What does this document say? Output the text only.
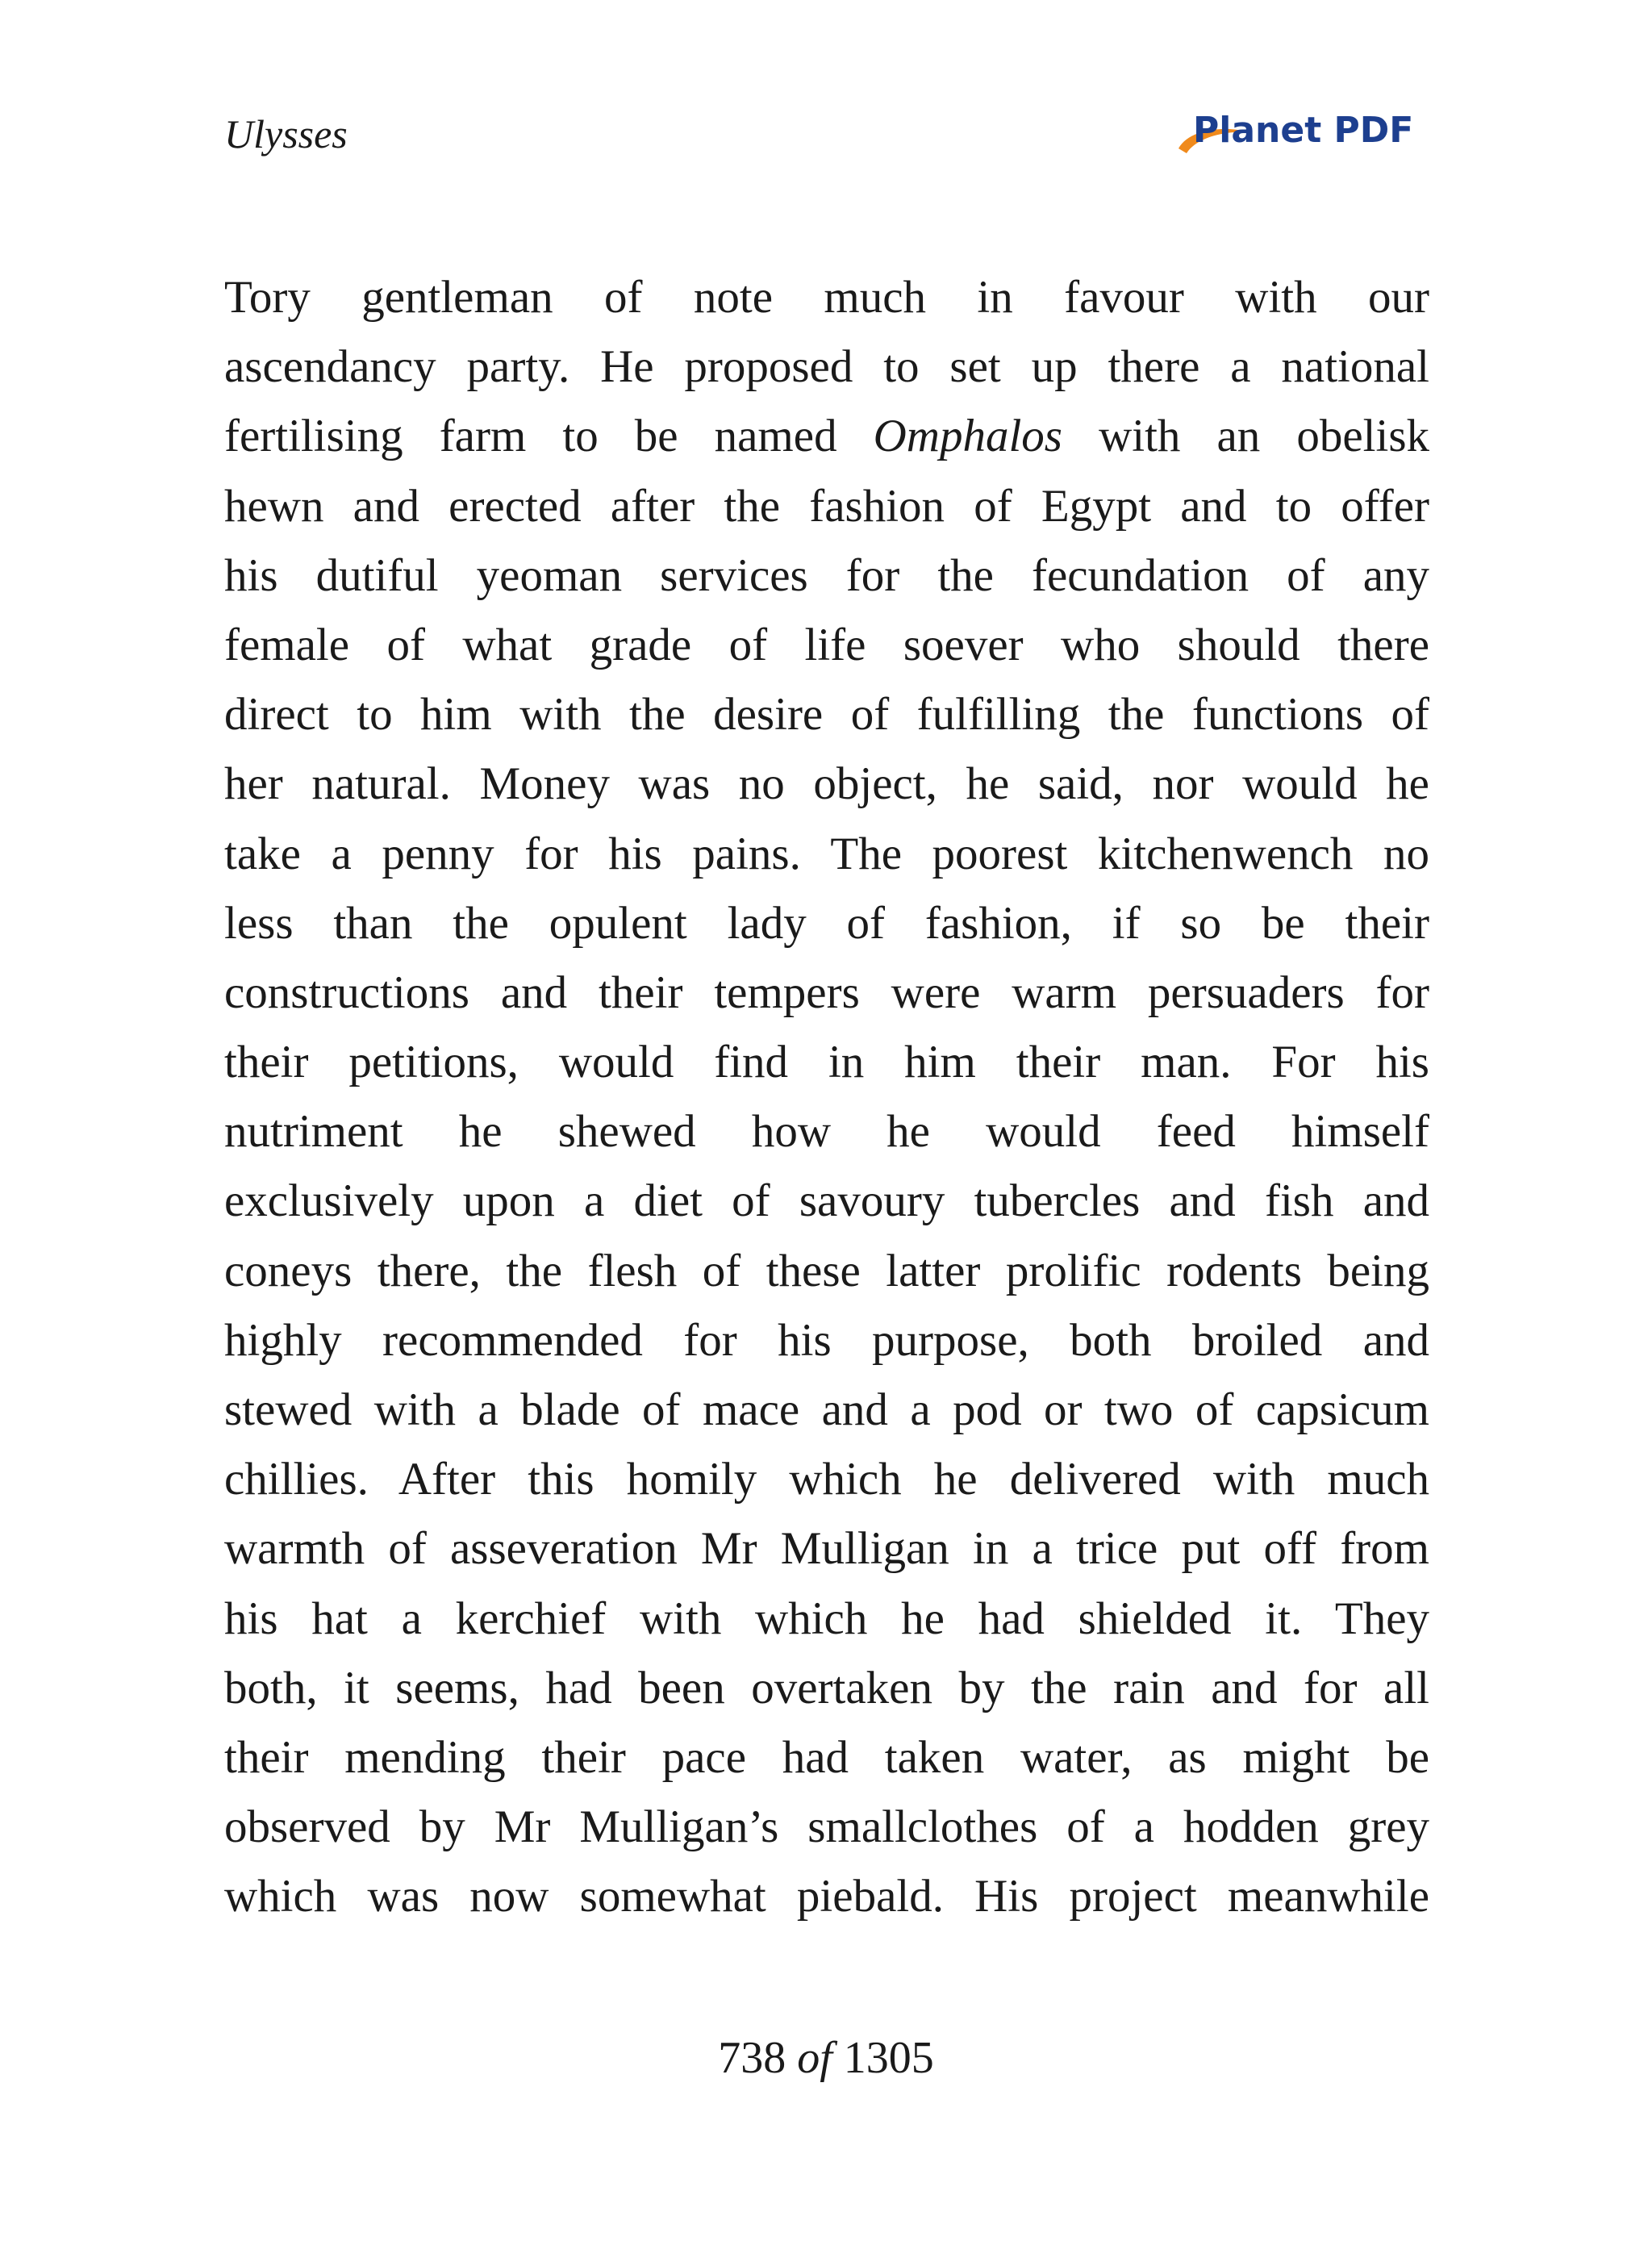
Ulysses	Planet PDF
Tory gentleman of note much in favour with our
ascendancy party. He proposed to set up there a national
fertilising farm to be named Omphalos with an obelisk
hewn and erected after the fashion of Egypt and to offer
his dutiful yeoman services for the fecundation of any
female of what grade of life soever who should there
direct to him with the desire of fulfilling the functions of
her natural. Money was no object, he said, nor would he
take a penny for his pains. The poorest kitchenwench no
less than the opulent lady of fashion, if so be their
constructions and their tempers were warm persuaders for
their petitions, would find in him their man. For his
nutriment he shewed how he would feed himself
exclusively upon a diet of savoury tubercles and fish and
coneys there, the flesh of these latter prolific rodents being
highly recommended for his purpose, both broiled and
stewed with a blade of mace and a pod or two of capsicum
chillies. After this homily which he delivered with much
warmth of asseveration Mr Mulligan in a trice put off from
his hat a kerchief with which he had shielded it. They
both, it seems, had been overtaken by the rain and for all
their mending their pace had taken water, as might be
observed by Mr Mulligan’s smallclothes of a hodden grey
which was now somewhat piebald. His project meanwhile
738 of 1305
